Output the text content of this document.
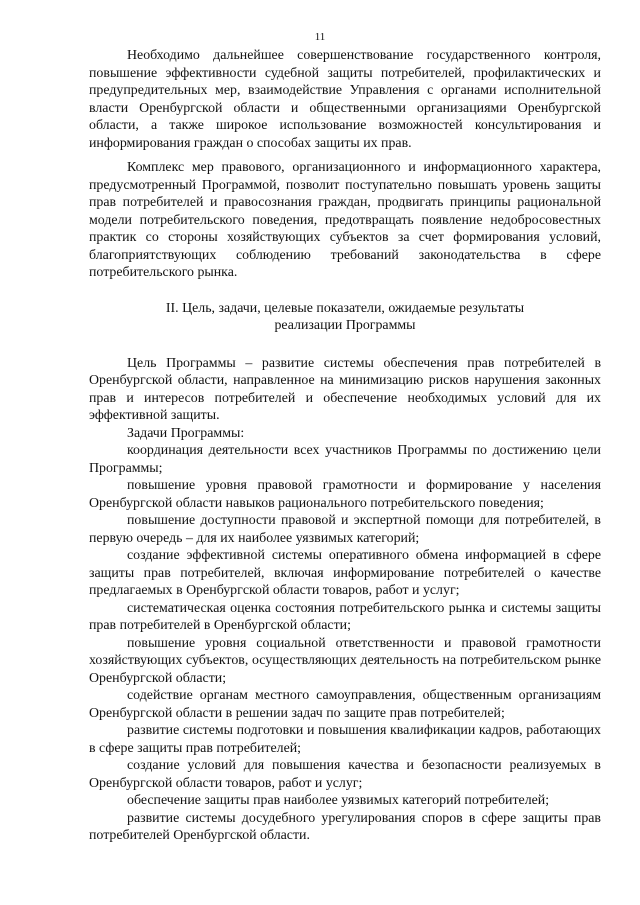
11

Необходимо дальнейшее совершенствование государственного контроля, повышение эффективности судебной защиты потребителей, профилактических и предупредительных мер, взаимодействие Управления с органами исполнительной власти Оренбургской области и общественными организациями Оренбургской области, а также широкое использование возможностей консультирования и информирования граждан о способах защиты их прав.

Комплекс мер правового, организационного и информационного характера, предусмотренный Программой, позволит поступательно повышать уровень защиты прав потребителей и правосознания граждан, продвигать принципы рациональной модели потребительского поведения, предотвращать появление недобросовестных практик со стороны хозяйствующих субъектов за счет формирования условий, благоприятствующих соблюдению требований законодательства в сфере потребительского рынка.

II. Цель, задачи, целевые показатели, ожидаемые результаты
реализации Программы

Цель Программы – развитие системы обеспечения прав потребителей в Оренбургской области, направленное на минимизацию рисков нарушения законных прав и интересов потребителей и обеспечение необходимых условий для их эффективной защиты.

Задачи Программы:

координация деятельности всех участников Программы по достижению цели Программы;

повышение уровня правовой грамотности и формирование у населения Оренбургской области навыков рационального потребительского поведения;

повышение доступности правовой и экспертной помощи для потребителей, в первую очередь – для их наиболее уязвимых категорий;

создание эффективной системы оперативного обмена информацией в сфере защиты прав потребителей, включая информирование потребителей о качестве предлагаемых в Оренбургской области товаров, работ и услуг;

систематическая оценка состояния потребительского рынка и системы защиты прав потребителей в Оренбургской области;

повышение уровня социальной ответственности и правовой грамотности хозяйствующих субъектов, осуществляющих деятельность на потребительском рынке Оренбургской области;

содействие органам местного самоуправления, общественным организациям Оренбургской области в решении задач по защите прав потребителей;

развитие системы подготовки и повышения квалификации кадров, работающих в сфере защиты прав потребителей;

создание условий для повышения качества и безопасности реализуемых в Оренбургской области товаров, работ и услуг;

обеспечение защиты прав наиболее уязвимых категорий потребителей;

развитие системы досудебного урегулирования споров в сфере защиты прав потребителей Оренбургской области.
